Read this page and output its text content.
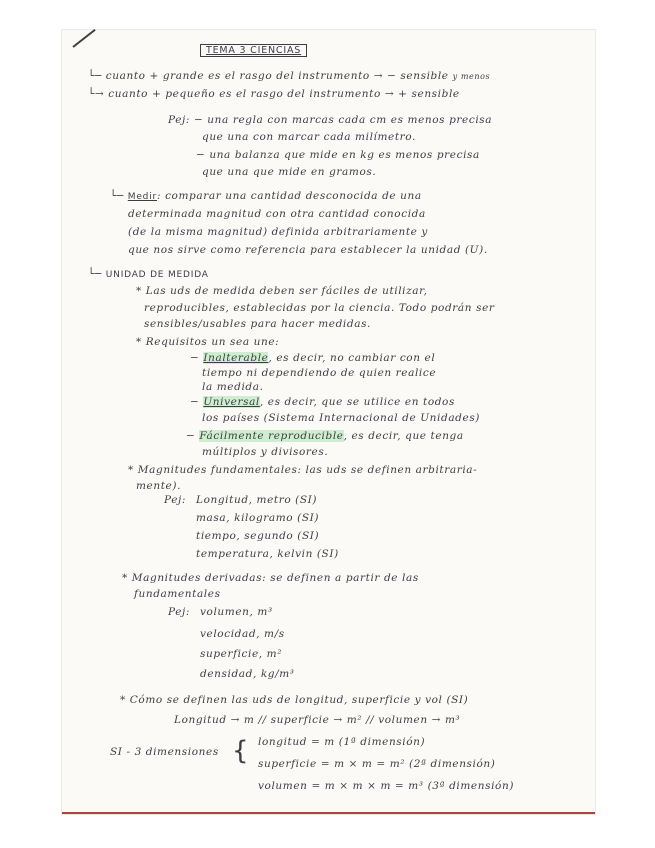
TEMA 3 CIENCIAS
└─ cuanto + grande es el rasgo del instrumento → − sensible y menos
└→ cuanto + pequeño es el rasgo del instrumento → + sensible
Pej: − una regla con marcas cada cm es menos precisa
que una con marcar cada milímetro.
− una balanza que mide en kg es menos precisa
que una que mide en gramos.
└─ Medir: comparar una cantidad desconocida de una
determinada magnitud con otra cantidad conocida
(de la misma magnitud) definida arbitrariamente y
que nos sirve como referencia para establecer la unidad (U).
└─ UNIDAD DE MEDIDA
* Las uds de medida deben ser fáciles de utilizar,
reproducibles, establecidas por la ciencia. Todo podrán ser
sensibles/usables para hacer medidas.
* Requisitos un sea une:
− Inalterable, es decir, no cambiar con el
tiempo ni dependiendo de quien realice
la medida.
− Universal, es decir, que se utilice en todos
los países (Sistema Internacional de Unidades)
− Fácilmente reproducible, es decir, que tenga
múltiplos y divisores.
* Magnitudes fundamentales: las uds se definen arbitraria-
mente).
Pej: Longitud, metro (SI)
masa, kilogramo (SI)
tiempo, segundo (SI)
temperatura, kelvin (SI)
* Magnitudes derivadas: se definen a partir de las
fundamentales
Pej: volumen, m³
velocidad, m/s
superficie, m²
densidad, kg/m³
* Cómo se definen las uds de longitud, superficie y vol (SI)
Longitud → m // superficie → m² // volumen → m³
SI - 3 dimensiones { longitud = m (1ª dimensión)
superficie = m × m = m² (2ª dimensión)
volumen = m × m × m = m³ (3ª dimensión)
